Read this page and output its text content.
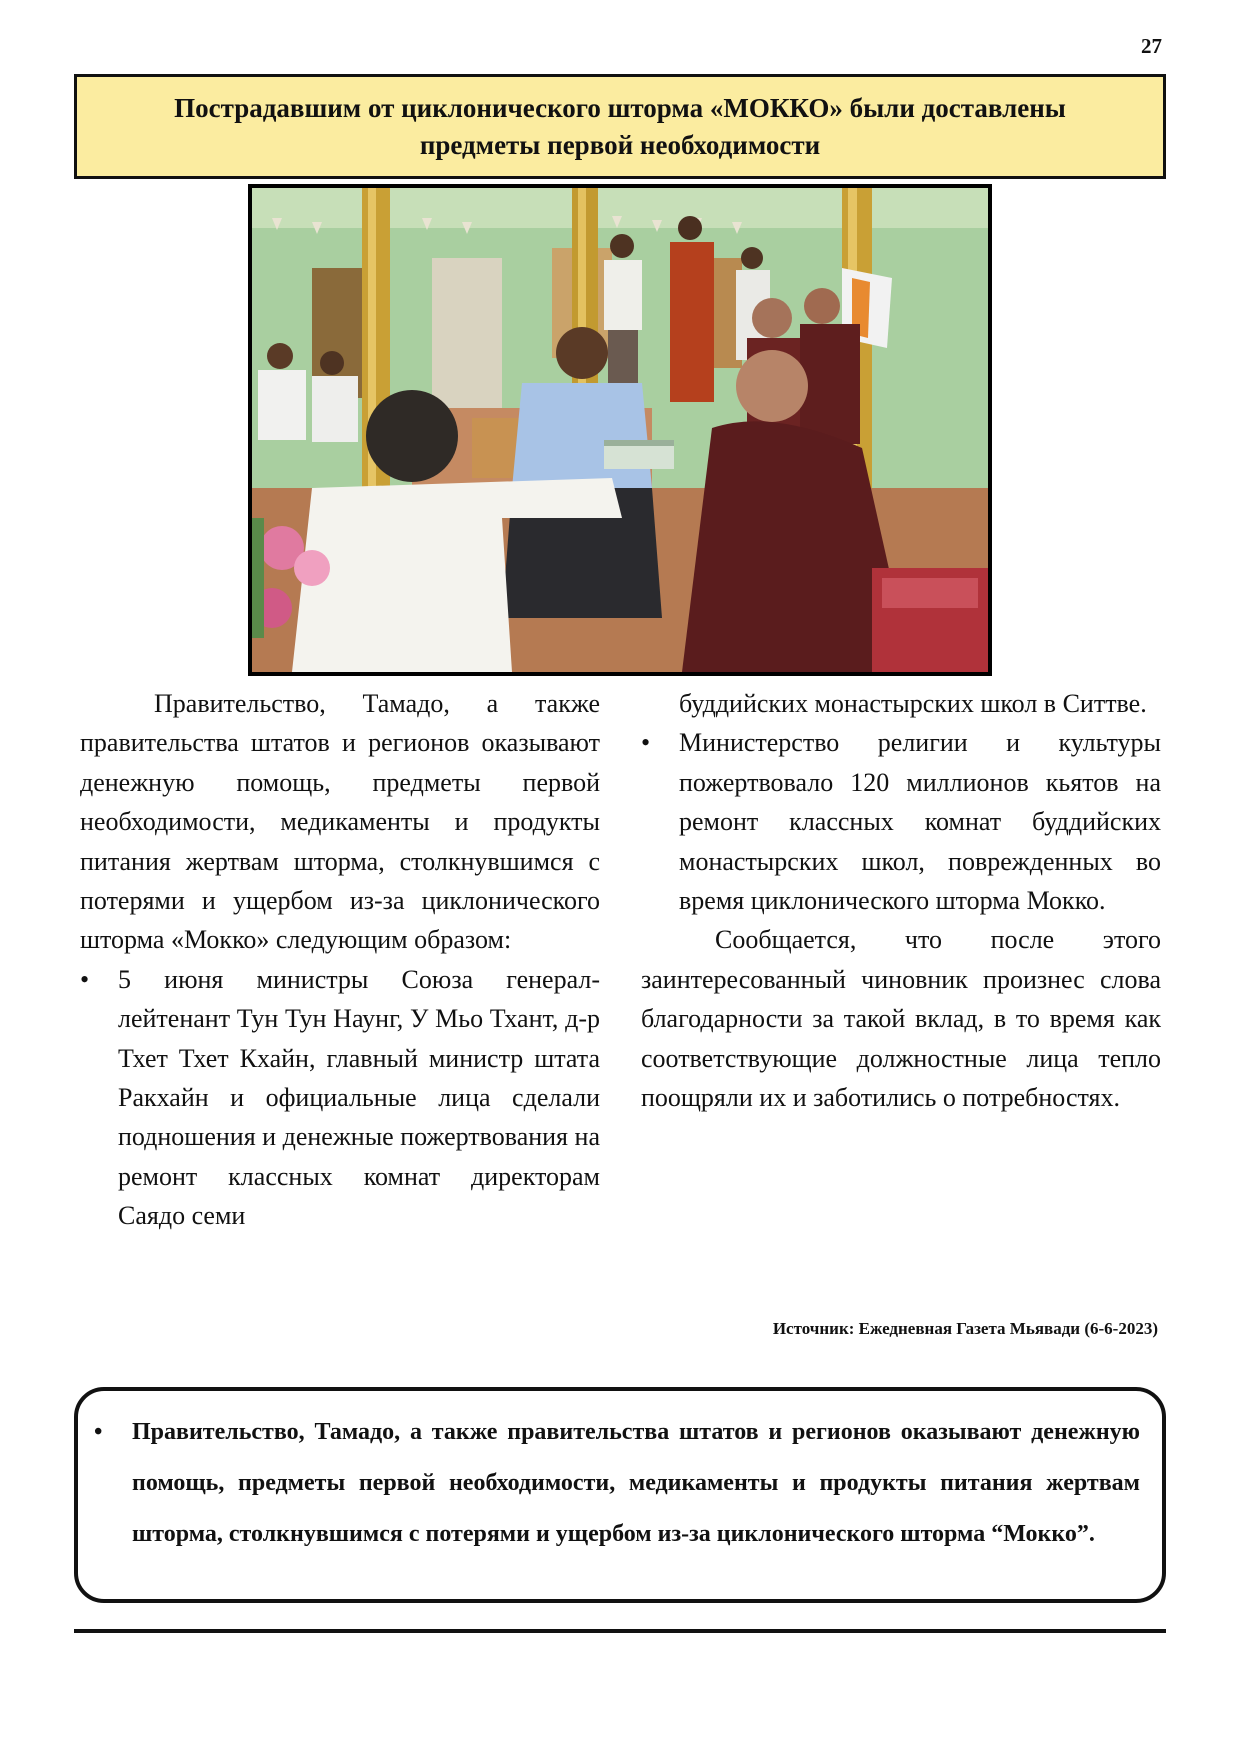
27
Пострадавшим от циклонического шторма «МОККО» были доставлены
предметы первой необходимости

Правительство, Тамадо, а также правительства штатов и регионов оказывают денежную помощь, предметы первой необходимости, медикаменты и продукты питания жертвам шторма, столкнувшимся с потерями и ущербом из-за циклонического шторма «Мокко» следующим образом:

• 5 июня министры Союза генерал-лейтенант Тун Тун Наунг, У Мьо Тхант, д-р Тхет Тхет Кхайн, главный министр штата Ракхайн и официальные лица сделали подношения и денежные пожертвования на ремонт классных комнат директорам Саядо семи

буддийских монастырских школ в Ситтве.

• Министерство религии и культуры пожертвовало 120 миллионов кьятов на ремонт классных комнат буддийских монастырских школ, поврежденных во время циклонического шторма Мокко.

Сообщается, что после этого заинтересованный чиновник произнес слова благодарности за такой вклад, в то время как соответствующие должностные лица тепло поощряли их и заботились о потребностях.

Источник: Ежедневная Газета Мьявади (6-6-2023)

• Правительство, Тамадо, а также правительства штатов и регионов оказывают денежную помощь, предметы первой необходимости, медикаменты и продукты питания жертвам шторма, столкнувшимся с потерями и ущербом из-за циклонического шторма “Мокко”.
